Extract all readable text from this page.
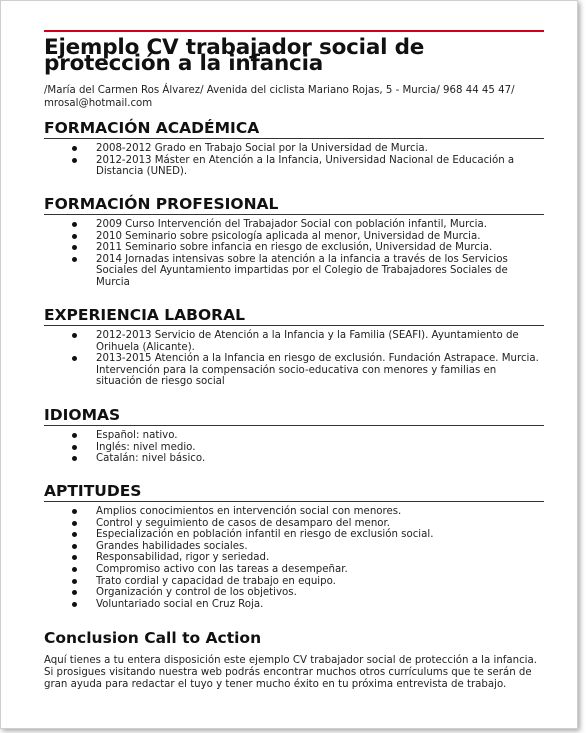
Ejemplo CV trabajador social de protección a la infancia
/María del Carmen Ros Álvarez/ Avenida del ciclista Mariano Rojas, 5 - Murcia/ 968 44 45 47/ mrosal@hotmail.com
FORMACIÓN ACADÉMICA
2008-2012 Grado en Trabajo Social por la Universidad de Murcia.
2012-2013 Máster en Atención a la Infancia, Universidad Nacional de Educación a Distancia (UNED).
FORMACIÓN PROFESIONAL
2009 Curso Intervención del Trabajador Social con población infantil, Murcia.
2010 Seminario sobre psicología aplicada al menor, Universidad de Murcia.
2011 Seminario sobre infancia en riesgo de exclusión, Universidad de Murcia.
2014 Jornadas intensivas sobre la atención a la infancia a través de los Servicios Sociales del Ayuntamiento impartidas por el Colegio de Trabajadores Sociales de Murcia
EXPERIENCIA LABORAL
2012-2013 Servicio de Atención a la Infancia y la Familia (SEAFI). Ayuntamiento de Orihuela (Alicante).
2013-2015 Atención a la Infancia en riesgo de exclusión. Fundación Astrapace. Murcia. Intervención para la compensación socio-educativa con menores y familias en situación de riesgo social
IDIOMAS
Español: nativo.
Inglés: nivel medio.
Catalán: nivel básico.
APTITUDES
Amplios conocimientos en intervención social con menores.
Control y seguimiento de casos de desamparo del menor.
Especialización en población infantil en riesgo de exclusión social.
Grandes habilidades sociales.
Responsabilidad, rigor y seriedad.
Compromiso activo con las tareas a desempeñar.
Trato cordial y capacidad de trabajo en equipo.
Organización y control de los objetivos.
Voluntariado social en Cruz Roja.
Conclusion Call to Action
Aquí tienes a tu entera disposición este ejemplo CV trabajador social de protección a la infancia. Si prosigues visitando nuestra web podrás encontrar muchos otros currículums que te serán de gran ayuda para redactar el tuyo y tener mucho éxito en tu próxima entrevista de trabajo.
